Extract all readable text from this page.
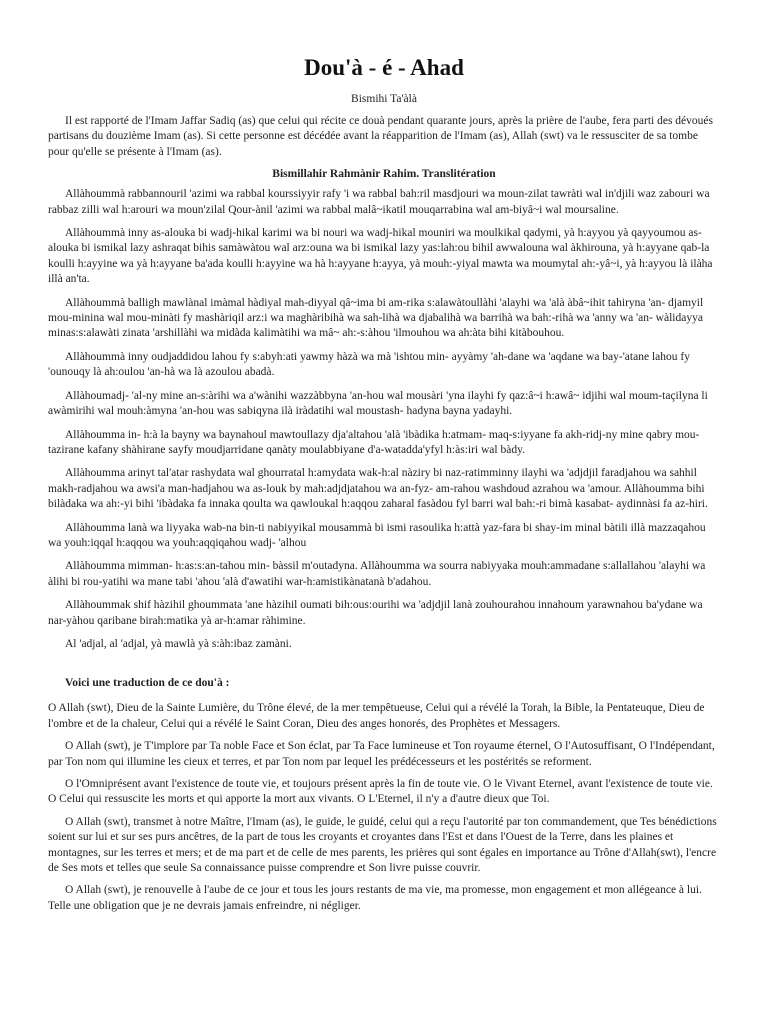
Dou'à - é - Ahad
Bismihi Ta'àlà

Il est rapporté de l'Imam Jaffar Sadiq (as) que celui qui récite ce douà pendant quarante jours, après la prière de l'aube, fera parti des dévoués partisans du douzième Imam (as). Si cette personne est décédée avant la réapparition de l'Imam (as), Allah (swt) va le ressusciter de sa tombe pour qu'elle se présente à l'Imam (as).

Bismillahir Rahmànir Rahim. Translitération

Allàhoummà rabbannouril 'azimi wa rabbal kourssiyyir rafy 'i wa rabbal bah:ril masdjouri wa moun-zilat tawràti wal in'djili waz zabouri wa rabbaz zilli wal h:arouri wa moun'zilal Qour-ànil 'azimi wa rabbal malâ~ikatil mouqarrabina wal am-biyâ~i wal moursaline.

Allàhoummà inny as-alouka bi wadj-hikal karimi wa bi nouri wa wadj-hikal mouniri wa moulkikal qadymi, yà h:ayyou yà qayyoumou as-alouka bi ismikal lazy ashraqat bihis samàwàtou wal arz:ouna wa bi ismikal lazy yas:lah:ou bihil awwalouna wal àkhirouna, yà h:ayyane qab-la koulli h:ayyine wa yà h:ayyane ba'ada koulli h:ayyine wa hà h:ayyane h:ayya, yà mouh:-yiyal mawta wa moumytal ah:-yâ~i, yà h:ayyou là ilàha illà an'ta.

Allàhoummà balligh mawlànal imàmal hàdiyal mah-diyyal qâ~ima bi am-rika s:alawàtoullàhi 'alayhi wa 'alà àbâ~ihit tahiryna 'an- djamyil mou-minina wal mou-minàti fy mashàriqil arz:i wa maghàribihà wa sah-lihà wa djabalihà wa barrihà wa bah:-rihà wa 'anny wa 'an- wàlidayya minas:s:alawàti zinata 'arshillàhi wa midàda kalimàtihi wa mâ~ ah:-s:àhou 'ilmouhou wa ah:àta bihi kitàbouhou.

Allàhoummà inny oudjaddidou lahou fy s:abyh:ati yawmy hàzà wa mà 'ishtou min- ayyàmy 'ah-dane wa 'aqdane wa bay-'atane lahou fy 'ounouqy là ah:oulou 'an-hà wa là azoulou abadà.

Allàhoumadj- 'al-ny mine an-s:àrihi wa a'wànihi wazzàbbyna 'an-hou wal mousàri 'yna ilayhi fy qaz:â~i h:awâ~ idjihi wal moum-taçilyna li awàmirihi wal mouh:àmyna 'an-hou was sabiqyna ilà iràdatihi wal moustash- hadyna bayna yadayhi.

Allàhoumma in- h:à la bayny wa baynahoul mawtoullazy dja'altahou 'alà 'ibàdika h:atmam- maq-s:iyyane fa akh-ridj-ny mine qabry mou-tazirane kafany shàhirane sayfy moudjarridane qanàty moulabbiyane d'a-watadda'yfyl h:às:iri wal bàdy.

Allàhoumma arinyt tal'atar rashydata wal ghourratal h:amydata wak-h:al nàziry bi naz-ratimminny ilayhi wa 'adjdjil faradjahou wa sahhil makh-radjahou wa awsi'a man-hadjahou wa as-louk by mah:adjdjatahou wa an-fyz- am-rahou washdoud azrahou wa 'amour. Allàhoumma bihi bilàdaka wa ah:-yi bihi 'ibàdaka fa innaka qoulta wa qawloukal h:aqqou zaharal fasàdou fyl barri wal bah:-ri bimà kasabat- aydinnàsi fa az-hiri.

Allàhoumma lanà wa liyyaka wab-na bin-ti nabiyyikal mousammà bi ismi rasoulika h:attà yaz-fara bi shay-im minal bàtili illà mazzaqahou wa youh:iqqal h:aqqou wa youh:aqqiqahou wadj- 'alhou

Allàhoumma mimman- h:as:s:an-tahou min- bàssil m'outadyna. Allàhoumma wa sourra nabiyyaka mouh:ammadane s:allallahou 'alayhi wa àlihi bi rou-yatihi wa mane tabi 'ahou 'alà d'awatihi war-h:amistikànatanà b'adahou.

Allàhoummak shif hàzihil ghoummata 'ane hàzihil oumati bih:ous:ourihi wa 'adjdjil lanà zouhourahou innahoum yarawnahou ba'ydane wa nar-yàhou qaribane birah:matika yà ar-h:amar ràhimine.

Al 'adjal, al 'adjal, yà mawlà yà s:àh:ibaz zamàni.

Voici une traduction de ce dou'à :

O Allah (swt), Dieu de la Sainte Lumière, du Trône élevé, de la mer tempêtueuse, Celui qui a révélé la Torah, la Bible, la Pentateuque, Dieu de l'ombre et de la chaleur, Celui qui a révélé le Saint Coran, Dieu des anges honorés, des Prophètes et Messagers.

O Allah (swt), je T'implore par Ta noble Face et Son éclat, par Ta Face lumineuse et Ton royaume éternel, O l'Autosuffisant, O l'Indépendant, par Ton nom qui illumine les cieux et terres, et par Ton nom par lequel les prédécesseurs et les postérités se reforment.

O l'Omniprésent avant l'existence de toute vie, et toujours présent après la fin de toute vie. O le Vivant Eternel, avant l'existence de toute vie. O Celui qui ressuscite les morts et qui apporte la mort aux vivants. O L'Eternel, il n'y a d'autre dieux que Toi.

O Allah (swt), transmet à notre Maître, l'Imam (as), le guide, le guidé, celui qui a reçu l'autorité par ton commandement, que Tes bénédictions soient sur lui et sur ses purs ancêtres, de la part de tous les croyants et croyantes dans l'Est et dans l'Ouest de la Terre, dans les plaines et montagnes, sur les terres et mers; et de ma part et de celle de mes parents, les prières qui sont égales en importance au Trône d'Allah(swt), l'encre de Ses mots et telles que seule Sa connaissance puisse comprendre et Son livre puisse couvrir.

O Allah (swt), je renouvelle à l'aube de ce jour et tous les jours restants de ma vie, ma promesse, mon engagement et mon allégeance à lui. Telle une obligation que je ne devrais jamais enfreindre, ni négliger.
